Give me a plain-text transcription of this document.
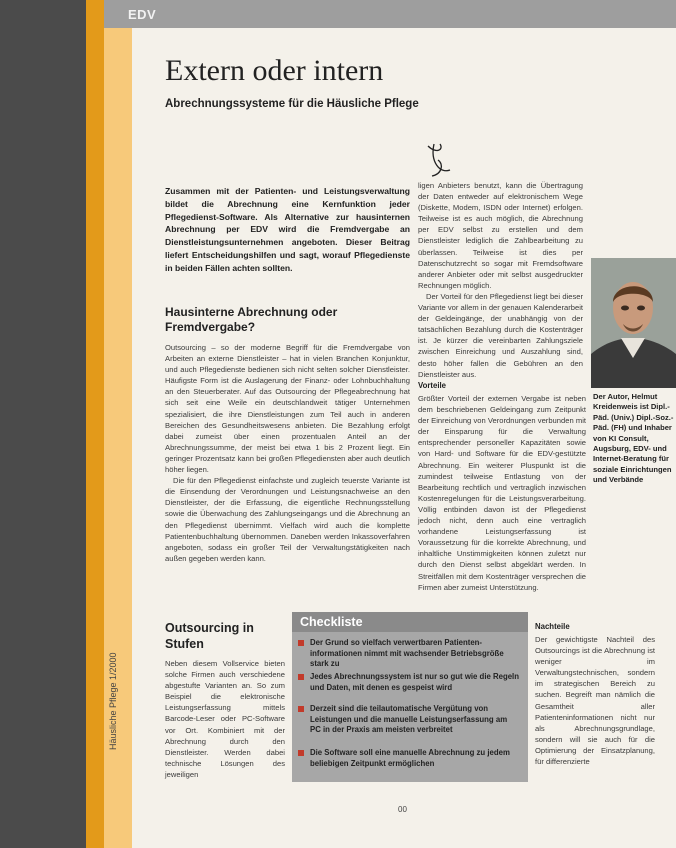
EDV
Häusliche Pflege 1/2000
Extern oder intern
Abrechnungssysteme für die Häusliche Pflege
Zusammen mit der Patienten- und Leistungsverwaltung bildet die Abrechnung eine Kernfunktion jeder Pflegedienst-Software. Als Alternative zur hausinternen Abrechnung per EDV wird die Fremdvergabe an Dienstleistungsunternehmen angeboten. Dieser Beitrag liefert Entscheidungshilfen und sagt, worauf Pflegedienste in beiden Fällen achten sollten.
Hausinterne Abrechnung oder Fremdvergabe?

Outsourcing – so der moderne Begriff für die Fremdvergabe von Arbeiten an externe Dienstleister – hat in vielen Branchen Konjunktur, und auch Pflegedienste bedienen sich nicht selten solcher Dienstleister. Häufigste Form ist die Auslagerung der Finanz- oder Lohnbuchhaltung an den Steuerberater. Auf das Outsourcing der Pflegeabrechnung hat sich seit eine Weile ein deutschlandweit tätiger Unternehmen spezialisiert, die ihre Dienstleistungen zum Teil auch in anderen Bereichen des Gesundheitswesens anbieten. Die Bezahlung erfolgt dabei zumeist über einen prozentualen Anteil an der Abrechnungssumme, der meist bei etwa 1 bis 2 Prozent liegt. Ein geringer Prozentsatz kann bei großen Pflegediensten aber auch deutlich höher liegen.

Die für den Pflegedienst einfachste und zugleich teuerste Variante ist die Einsendung der Verordnungen und Leistungsnachweise an den Dienstleister, der die Erfassung, die eigentliche Rechnungsstellung sowie die Überwachung des Zahlungseingangs und die Abrechnung an den Pflegedienst übernimmt. Vielfach wird auch die komplette Patientenbuchhaltung übernommen. Daneben werden Inkassoverfahren angeboten, sodass ein großer Teil der Verwaltungstätigkeiten nach außen gegeben werden kann.

Outsourcing in Stufen

Neben diesem Vollservice bieten solche Firmen auch verschiedene abgestufte Varianten an. So zum Beispiel die elektronische Leistungserfassung mittels Barcode-Leser oder PC-Software vor Ort. Kombiniert mit der Abrechnung durch den Dienstleister. Werden dabei technische Lösungen des jeweiligen

ligen Anbieters benutzt, kann die Übertragung der Daten entweder auf elektronischem Wege (Diskette, Modem, ISDN oder Internet) erfolgen. Teilweise ist es auch möglich, die Abrechnung per EDV selbst zu erstellen und dem Dienstleister lediglich die Zahlbearbeitung zu überlassen. Teilweise ist dies per Datenschutzrecht so sogar mit Fremdsoftware anderer Anbieter oder mit selbst ausgedruckter Rechnungen möglich.

Der Vorteil für den Pflegedienst liegt bei dieser Variante vor allem in der genauen Kalenderarbeit der Geldeingänge, der unabhängig von der tatsächlichen Bezahlung durch die Kostenträger ist. Je kürzer die vereinbarten Zahlungsziele zwischen Einreichung und Auszahlung sind, desto höher fallen die Gebühren an den Dienstleister aus.

Vorteile

Größter Vorteil der externen Vergabe ist neben dem beschriebenen Geldeingang zum Zeitpunkt der Einreichung von Verordnungen verbunden mit der Einsparung für die Verwaltung entsprechender personeller Kapazitäten sowie von Hard- und Software für die EDV-gestützte Abrechnung. Ein weiterer Pluspunkt ist die zumindest teilweise Entlastung von der Bearbeitung rechtlich und vertraglich inzwischen Kostenregelungen für die Leistungsverarbeitung. Völlig entbinden davon ist der Pflegedienst jedoch nicht, denn auch eine vertraglich vorhandene Leistungserfassung ist Voraussetzung für die korrekte Abrechnung, und inhaltliche Unstimmigkeiten können zuletzt nur durch den Dienst selbst abgeklärt werden. In Streitfällen mit dem Kostenträger versprechen die Firmen aber zumeist Unterstützung.

Nachteile

Der gewichtigste Nachteil des Outsourcings ist die Abrechnung ist weniger im Verwaltungstechnischen, sondern im strategischen Bereich zu suchen. Begreift man nämlich die Gesamtheit aller Patienteninformationen nicht nur als Abrechnungsgrundlage, sondern will sie auch für die Optimierung der Einsatzplanung, für differenzierte

Der Autor, Helmut Kreidenweis ist Dipl.-Päd. (Univ.) Dipl.-Soz.-Päd. (FH) und Inhaber von KI Consult, Augsburg, EDV- und Internet-Beratung für soziale Einrichtungen und Verbände
Checkliste
Der Grund so vielfach verwertbaren Patienten-informationen nimmt mit wachsender Betriebsgröße stark zu
Jedes Abrechnungssystem ist nur so gut wie die Regeln und Daten, mit denen es gespeist wird
Derzeit sind die teilautomatische Vergütung von Leistungen und die manuelle Leistungserfassung am PC in der Praxis am meisten verbreitet
Die Software soll eine manuelle Abrechnung zu jedem beliebigen Zeitpunkt ermöglichen
00
